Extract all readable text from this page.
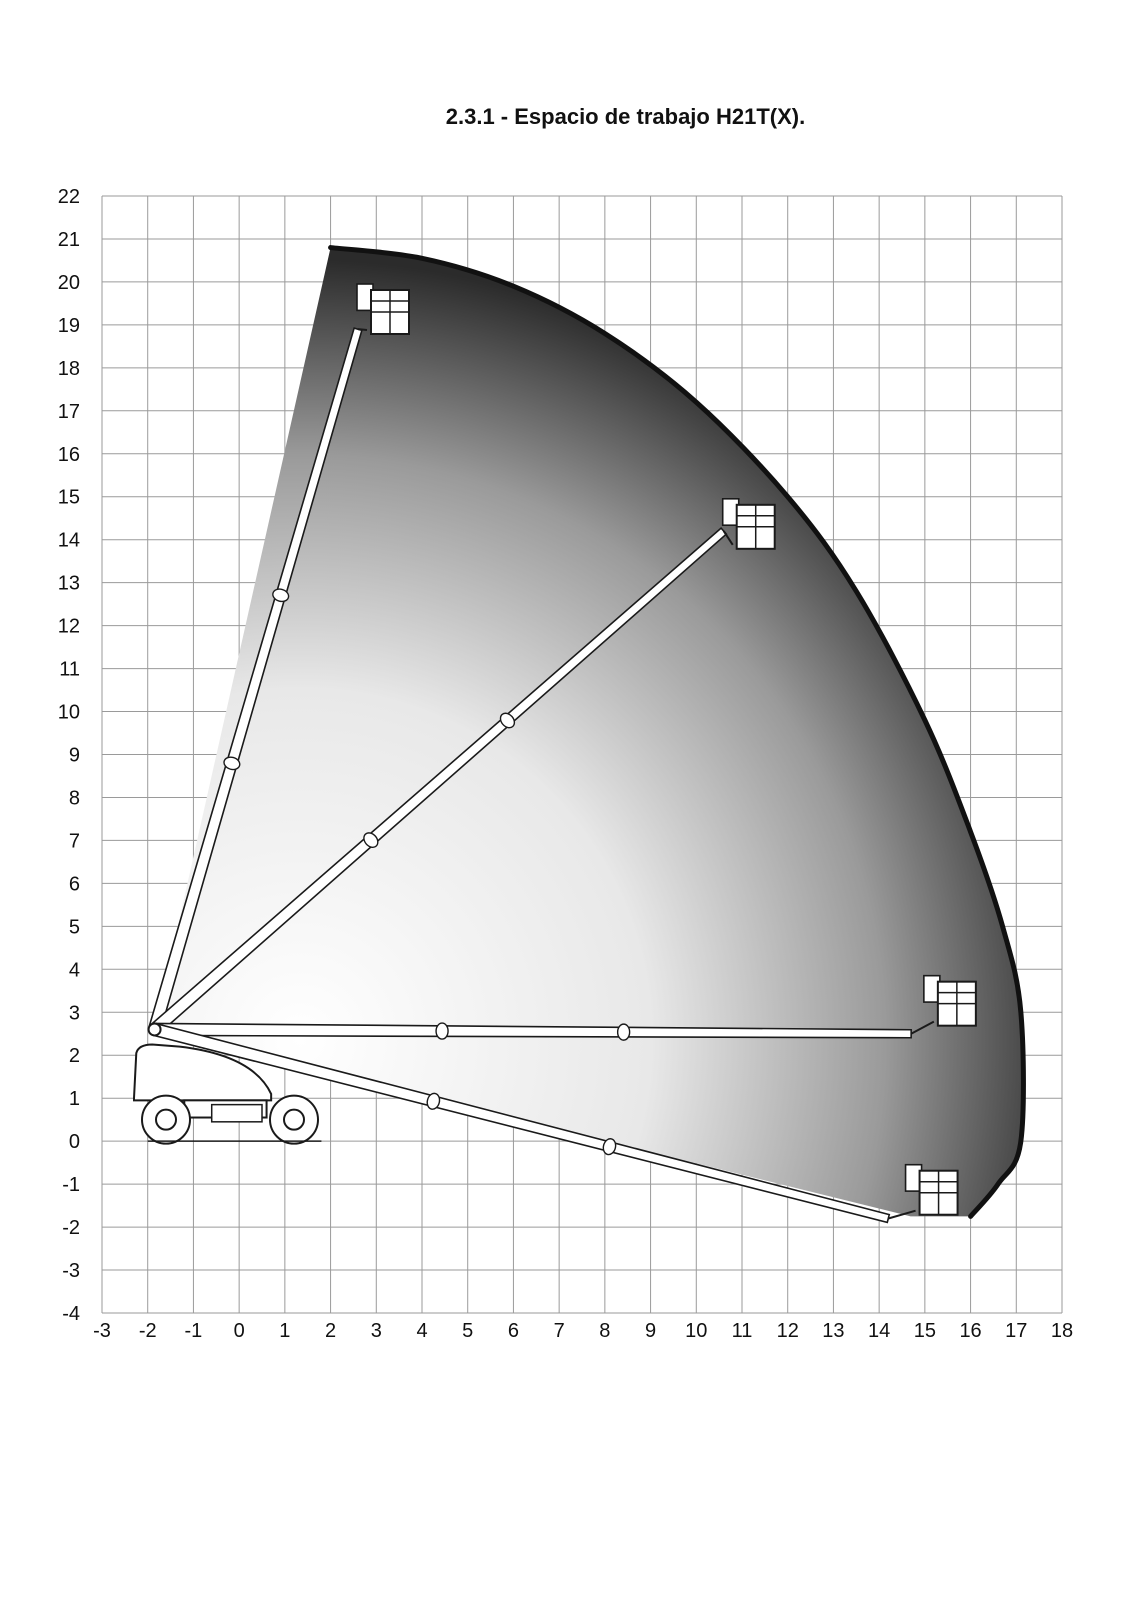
2.3.1 - Espacio de trabajo H21T(X).
-3 -2 -1 0 1 2 3 4 5 6 7 8 9 10 11 12 13 14 15 16 17 18
22
21
20
19
18
17
16
15
14
13
12
11
10
9
8
7
6
5
4
3
2
1
0
-1
-2
-3
-4
